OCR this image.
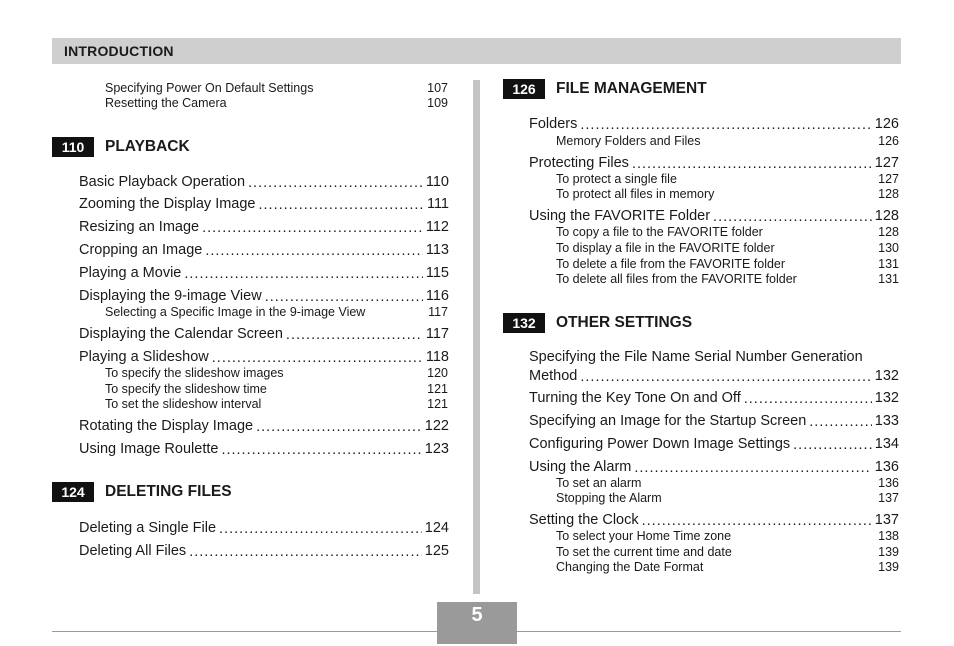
INTRODUCTION
Specifying Power On Default Settings	107
Resetting the Camera	109
110	PLAYBACK
Basic Playback Operation .....	110
Zooming the Display Image .....	111
Resizing an Image .....	112
Cropping an Image .....	113
Playing a Movie .....	115
Displaying the 9-image View .....	116
Selecting a Specific Image in the 9-image View	117
Displaying the Calendar Screen .....	117
Playing a Slideshow .....	118
To specify the slideshow images	120
To specify the slideshow time	121
To set the slideshow interval	121
Rotating the Display Image .....	122
Using Image Roulette .....	123
124	DELETING FILES
Deleting a Single File .....	124
Deleting All Files .....	125
126	FILE MANAGEMENT
Folders .....	126
Memory Folders and Files	126
Protecting Files .....	127
To protect a single file	127
To protect all files in memory	128
Using the FAVORITE Folder .....	128
To copy a file to the FAVORITE folder	128
To display a file in the FAVORITE folder	130
To delete a file from the FAVORITE folder	131
To delete all files from the FAVORITE folder	131
132	OTHER SETTINGS
Specifying the File Name Serial Number Generation
Method .....	132
Turning the Key Tone On and Off .....	132
Specifying an Image for the Startup Screen .....	133
Configuring Power Down Image Settings .....	134
Using the Alarm .....	136
To set an alarm	136
Stopping the Alarm	137
Setting the Clock .....	137
To select your Home Time zone	138
To set the current time and date	139
Changing the Date Format	139
5
